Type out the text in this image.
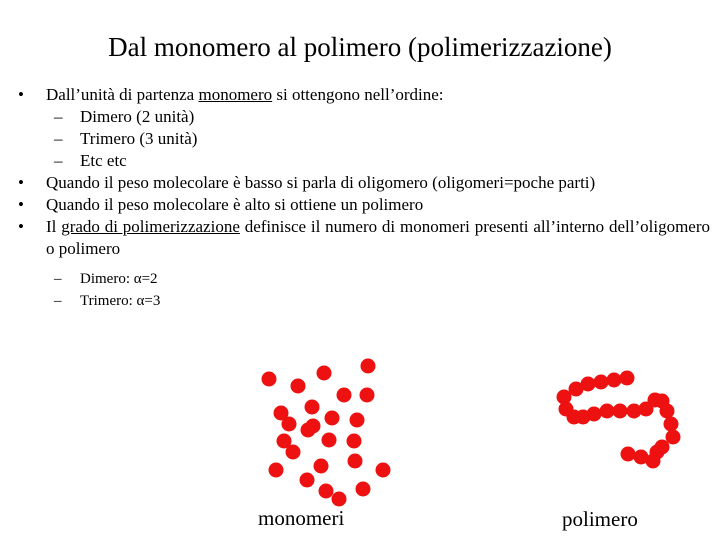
Dal monomero al polimero (polimerizzazione)
• Dall’unità di partenza monomero si ottengono nell’ordine:
– Dimero (2 unità)
– Trimero (3 unità)
– Etc etc
• Quando il peso molecolare è basso si parla di oligomero (oligomeri=poche parti)
• Quando il peso molecolare è alto si ottiene un polimero
• Il grado di polimerizzazione definisce il numero di monomeri presenti all’interno dell’oligomero o polimero
– Dimero: α=2
– Trimero: α=3
monomeri	polimero
